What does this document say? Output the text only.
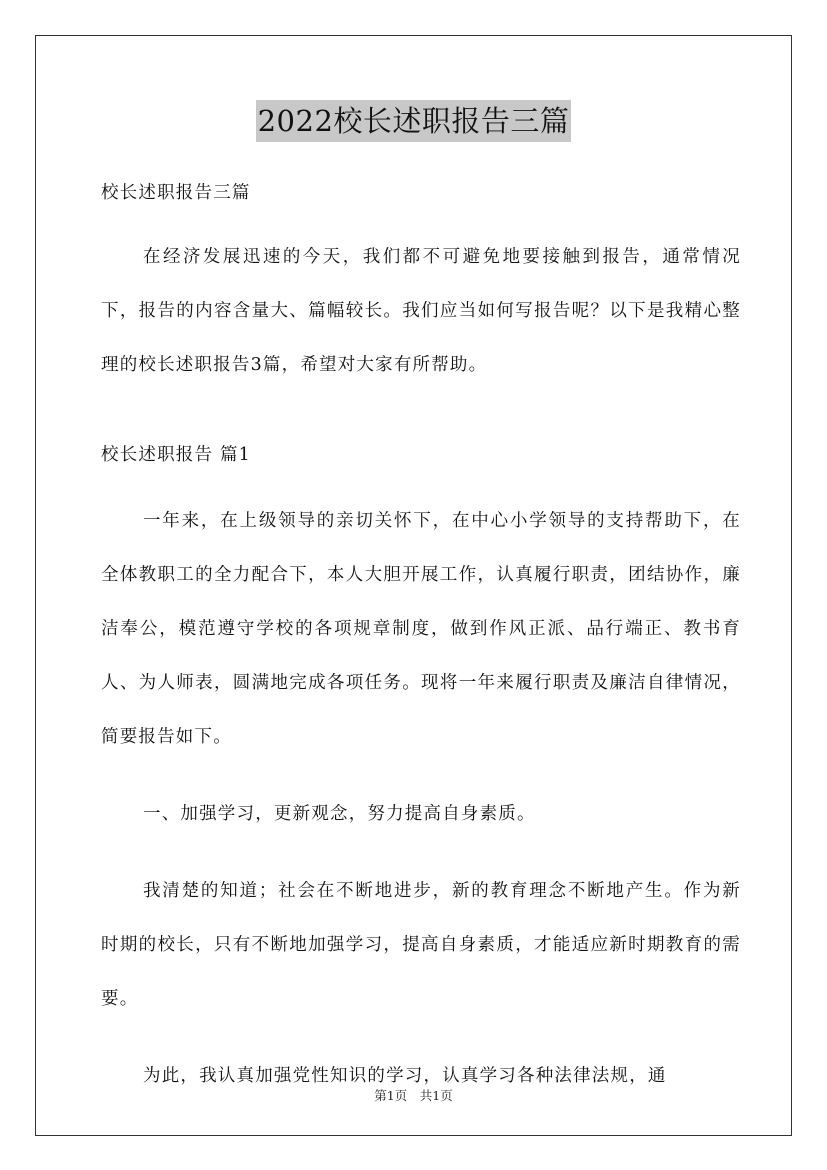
2022校长述职报告三篇
校长述职报告三篇

在经济发展迅速的今天，我们都不可避免地要接触到报告，通常情况下，报告的内容含量大、篇幅较长。我们应当如何写报告呢？以下是我精心整理的校长述职报告3篇，希望对大家有所帮助。

校长述职报告 篇1

一年来，在上级领导的亲切关怀下，在中心小学领导的支持帮助下，在全体教职工的全力配合下，本人大胆开展工作，认真履行职责，团结协作，廉洁奉公，模范遵守学校的各项规章制度，做到作风正派、品行端正、教书育人、为人师表，圆满地完成各项任务。现将一年来履行职责及廉洁自律情况，简要报告如下。

一、加强学习，更新观念，努力提高自身素质。

我清楚的知道；社会在不断地进步，新的教育理念不断地产生。作为新时期的校长，只有不断地加强学习，提高自身素质，才能适应新时期教育的需要。

为此，我认真加强党性知识的学习，认真学习各种法律法规，通

第1页　共1页
